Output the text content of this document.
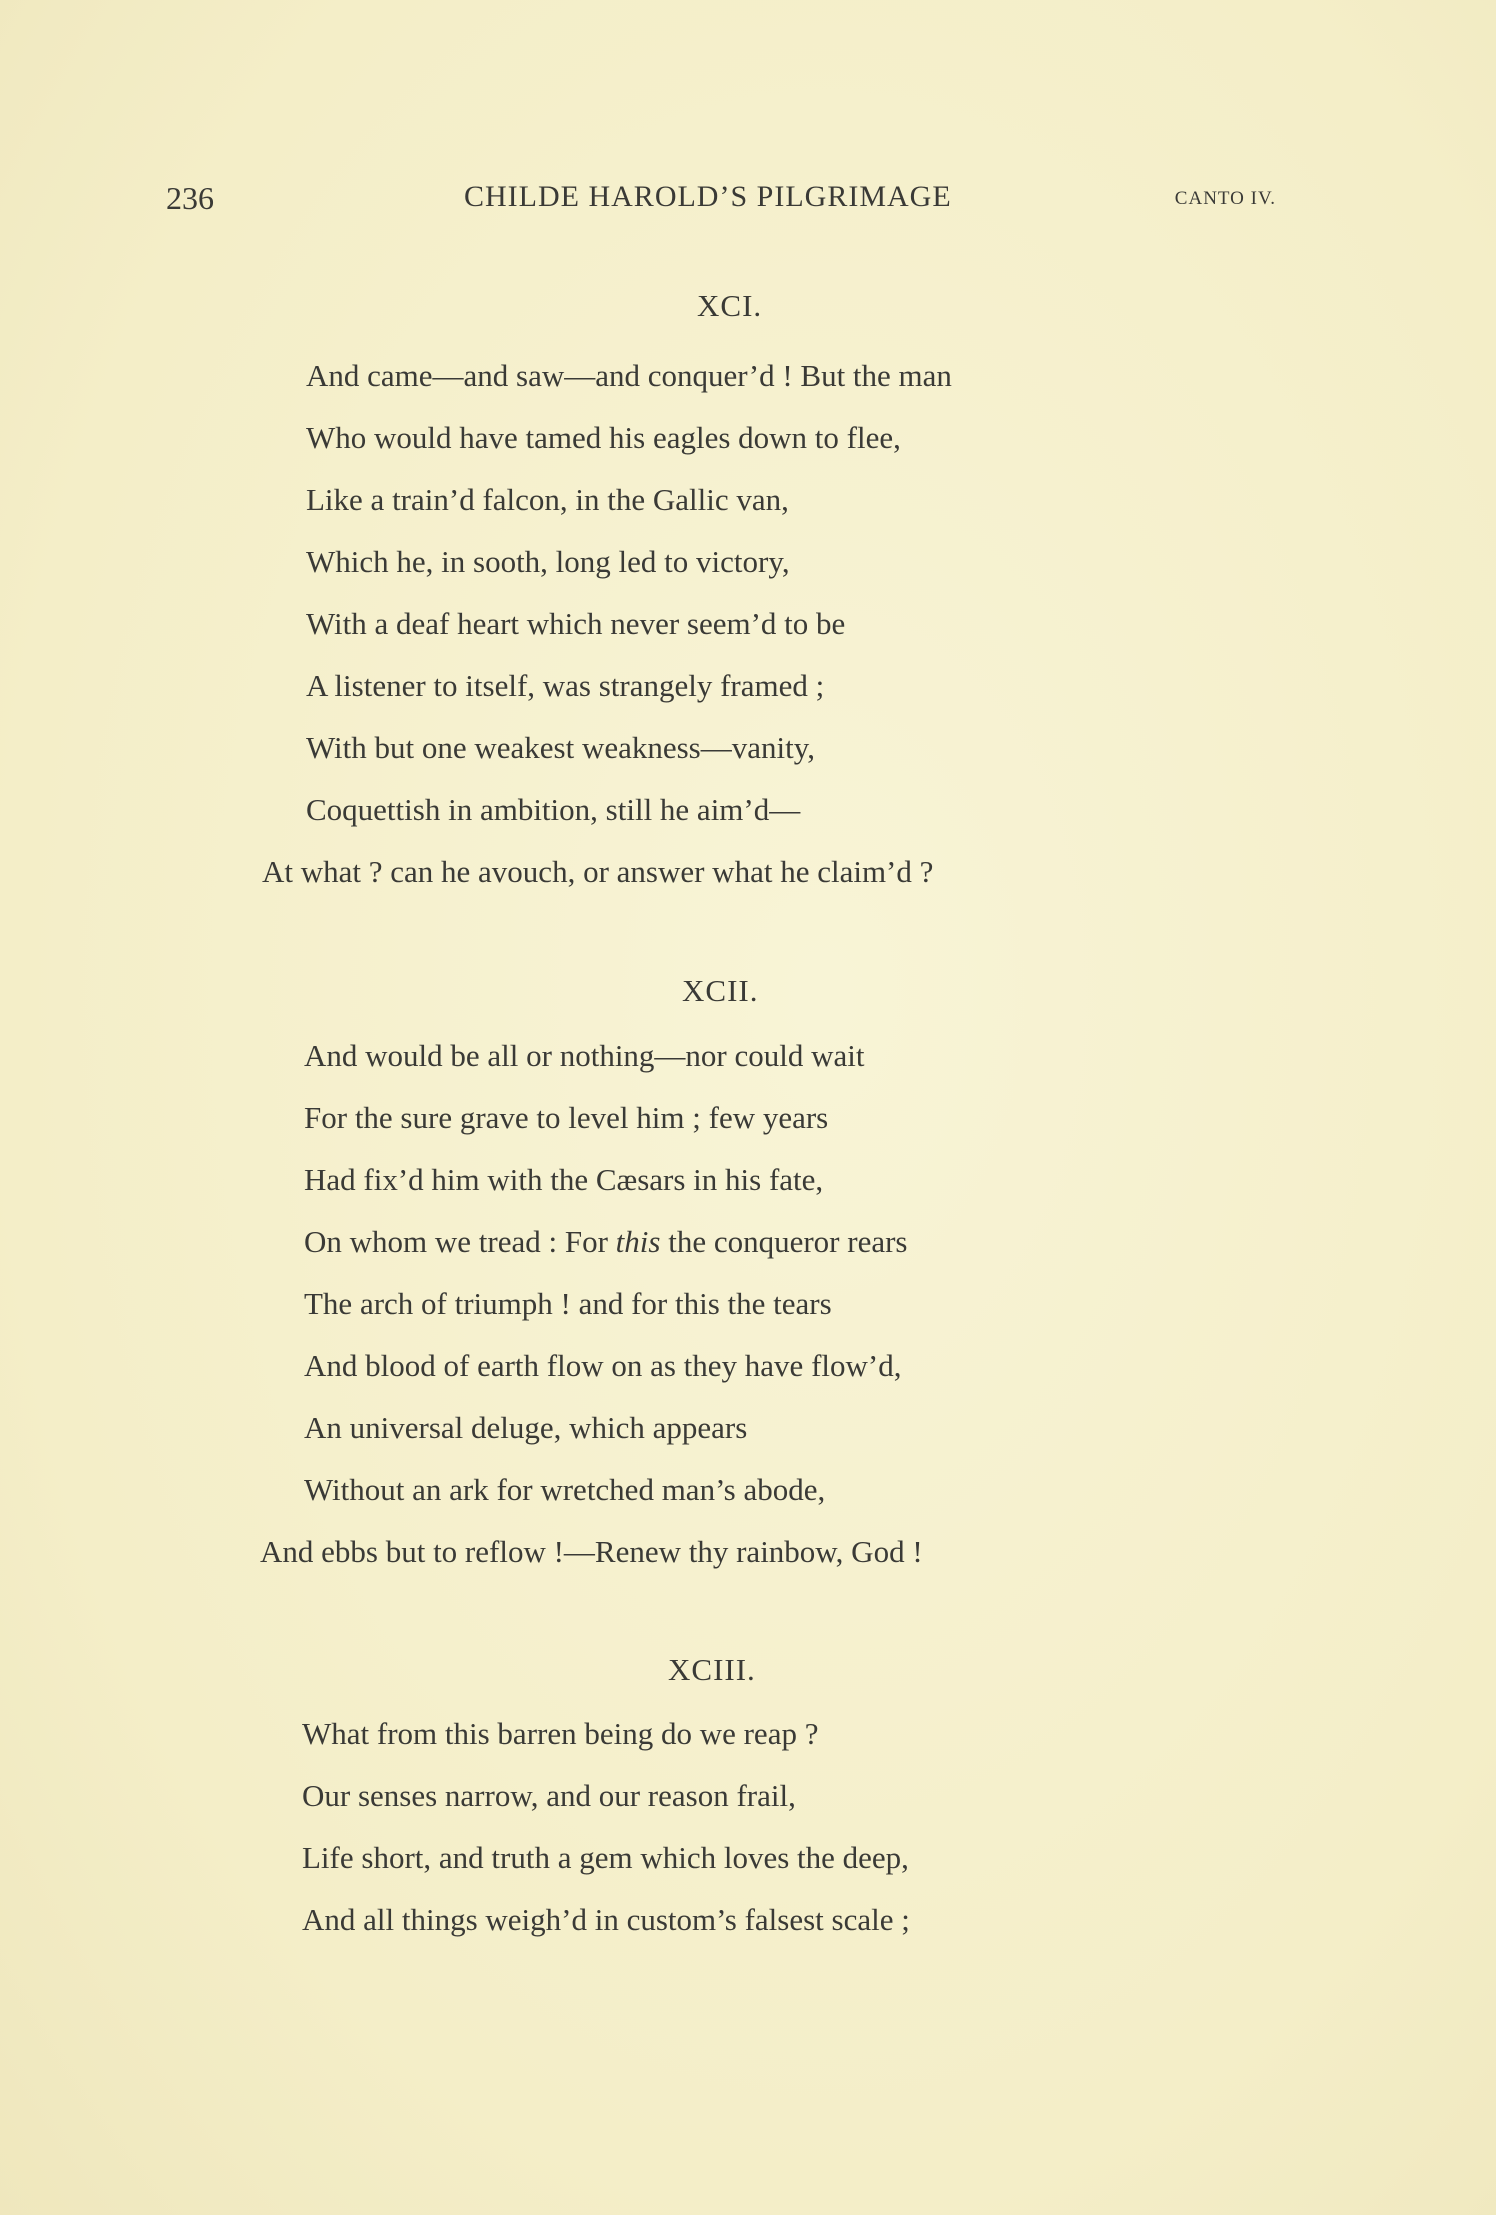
236	CHILDE HAROLD’S PILGRIMAGE	CANTO IV.
XCI.
And came—and saw—and conquer’d ! But the man
Who would have tamed his eagles down to flee,
Like a train’d falcon, in the Gallic van,
Which he, in sooth, long led to victory,
With a deaf heart which never seem’d to be
A listener to itself, was strangely framed ;
With but one weakest weakness—vanity,
Coquettish in ambition, still he aim’d—
At what ? can he avouch, or answer what he claim’d ?
XCII.
And would be all or nothing—nor could wait
For the sure grave to level him ; few years
Had fix’d him with the Cæsars in his fate,
On whom we tread : For this the conqueror rears
The arch of triumph ! and for this the tears
And blood of earth flow on as they have flow’d,
An universal deluge, which appears
Without an ark for wretched man’s abode,
And ebbs but to reflow !—Renew thy rainbow, God !
XCIII.
What from this barren being do we reap ?
Our senses narrow, and our reason frail,
Life short, and truth a gem which loves the deep,
And all things weigh’d in custom’s falsest scale ;
